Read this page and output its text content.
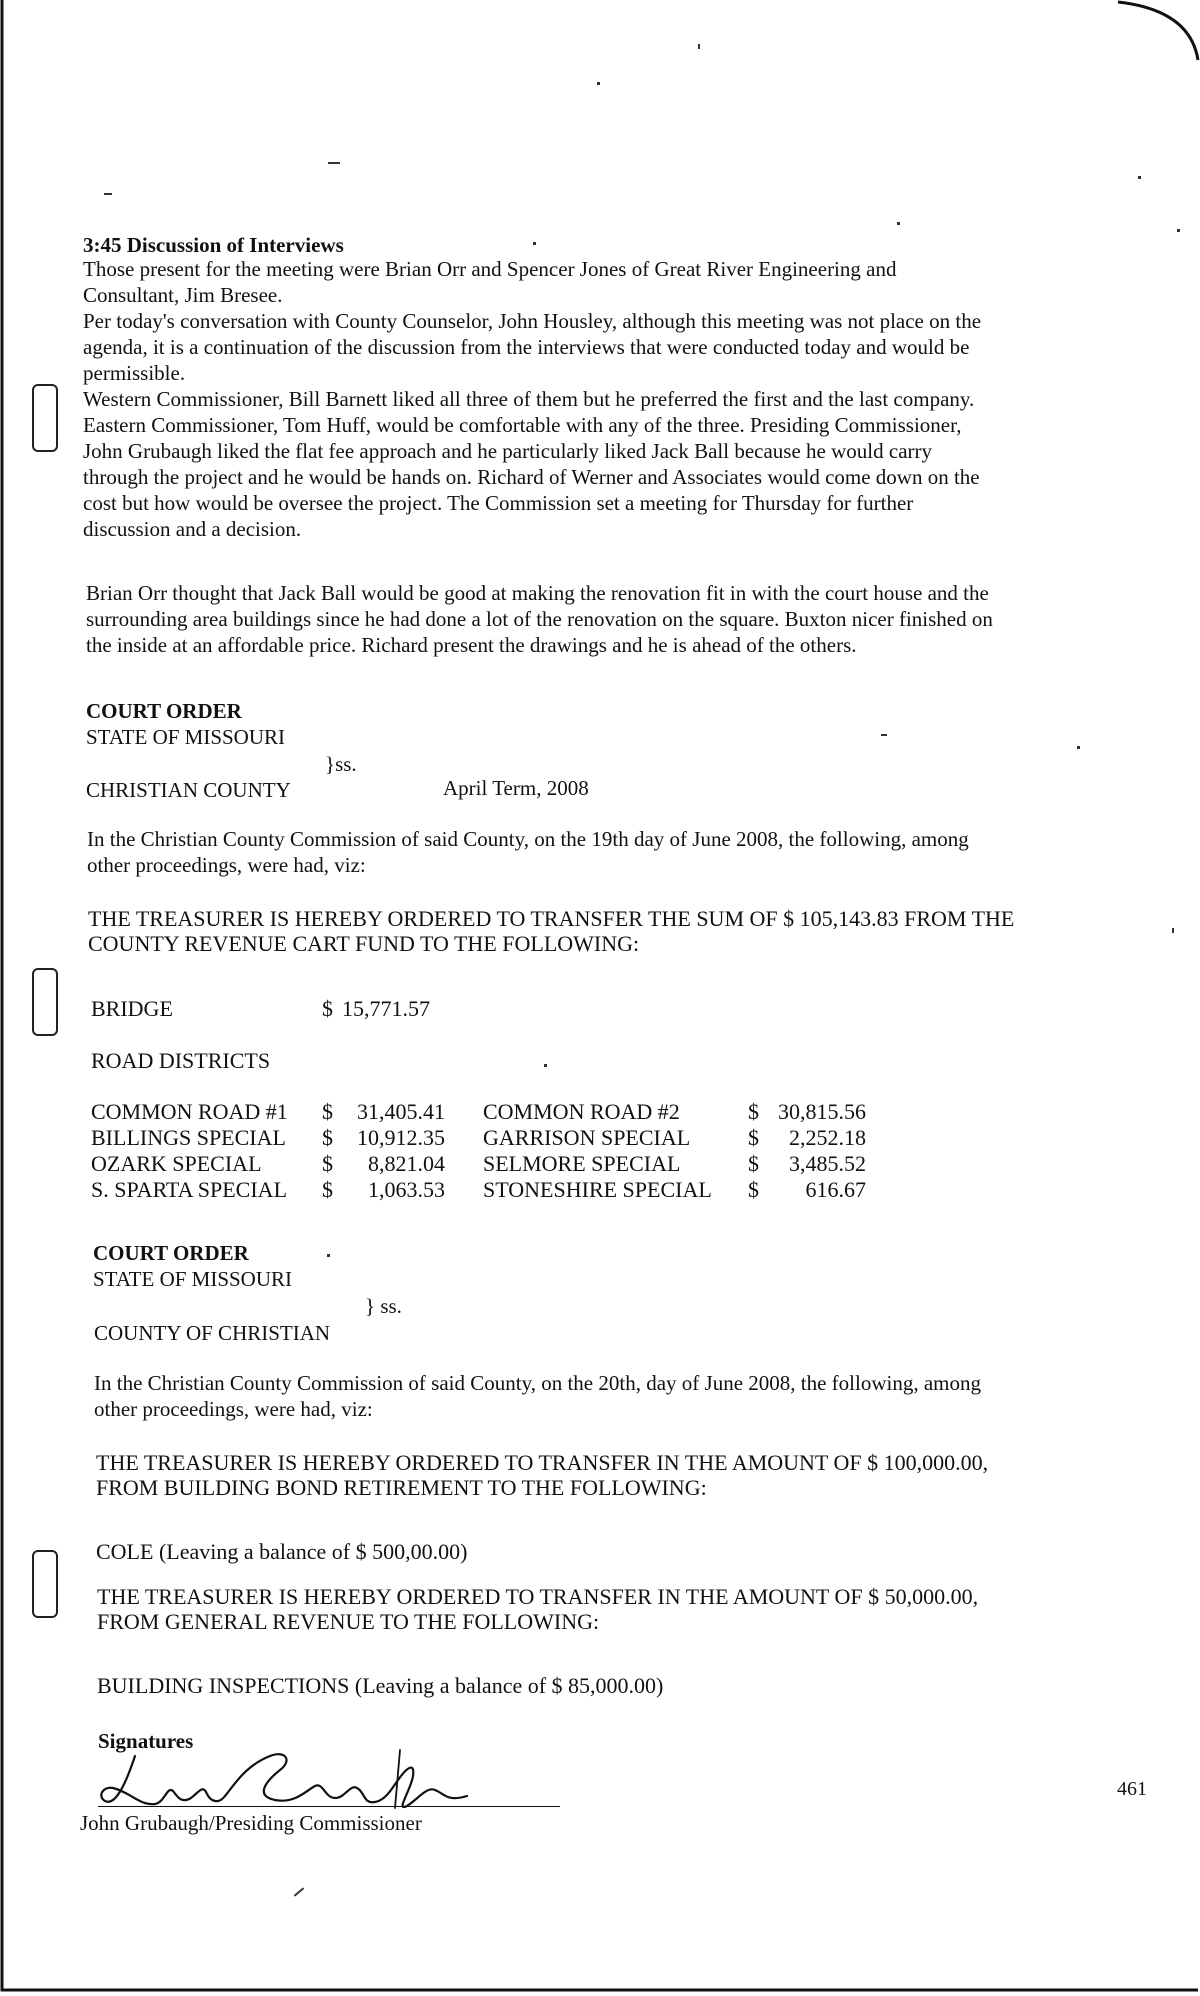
3:45 Discussion of Interviews

Those present for the meeting were Brian Orr and Spencer Jones of Great River Engineering and

Consultant, Jim Bresee.

Per today's conversation with County Counselor, John Housley, although this meeting was not place on the

agenda, it is a continuation of the discussion from the interviews that were conducted today and would be

permissible.

Western Commissioner, Bill Barnett liked all three of them but he preferred the first and the last company.

Eastern Commissioner, Tom Huff, would be comfortable with any of the three. Presiding Commissioner,

John Grubaugh liked the flat fee approach and he particularly liked Jack Ball because he would carry

through the project and he would be hands on. Richard of Werner and Associates would come down on the

cost but how would be oversee the project. The Commission set a meeting for Thursday for further

discussion and a decision.

Brian Orr thought that Jack Ball would be good at making the renovation fit in with the court house and the

surrounding area buildings since he had done a lot of the renovation on the square. Buxton nicer finished on

the inside at an affordable price. Richard present the drawings and he is ahead of the others.

COURT ORDER
STATE OF MISSOURI
}ss.
CHRISTIAN COUNTY	April Term, 2008

In the Christian County Commission of said County, on the 19th day of June 2008, the following, among

other proceedings, were had, viz:

THE TREASURER IS HEREBY ORDERED TO TRANSFER THE SUM OF $ 105,143.83 FROM THE

COUNTY REVENUE CART FUND TO THE FOLLOWING:

BRIDGE	$ 15,771.57
ROAD DISTRICTS
COMMON ROAD #1 $ 31,405.41 COMMON ROAD #2	$ 30,815.56
BILLINGS SPECIAL $ 10,912.35 GARRISON SPECIAL	$ 2,252.18
OZARK SPECIAL	$ 8,821.04 SELMORE SPECIAL	$ 3,485.52
S. SPARTA SPECIAL $ 1,063.53 STONESHIRE SPECIAL $ 616.67
COURT ORDER
STATE OF MISSOURI
} ss.
COUNTY OF CHRISTIAN

In the Christian County Commission of said County, on the 20th, day of June 2008, the following, among

other proceedings, were had, viz:

THE TREASURER IS HEREBY ORDERED TO TRANSFER IN THE AMOUNT OF $ 100,000.00,

FROM BUILDING BOND RETIREMENT TO THE FOLLOWING:

COLE (Leaving a balance of $ 500,00.00)

THE TREASURER IS HEREBY ORDERED TO TRANSFER IN THE AMOUNT OF $ 50,000.00,

FROM GENERAL REVENUE TO THE FOLLOWING:

BUILDING INSPECTIONS (Leaving a balance of $ 85,000.00)
Signatures
John Grubaugh/Presiding Commissioner
461
